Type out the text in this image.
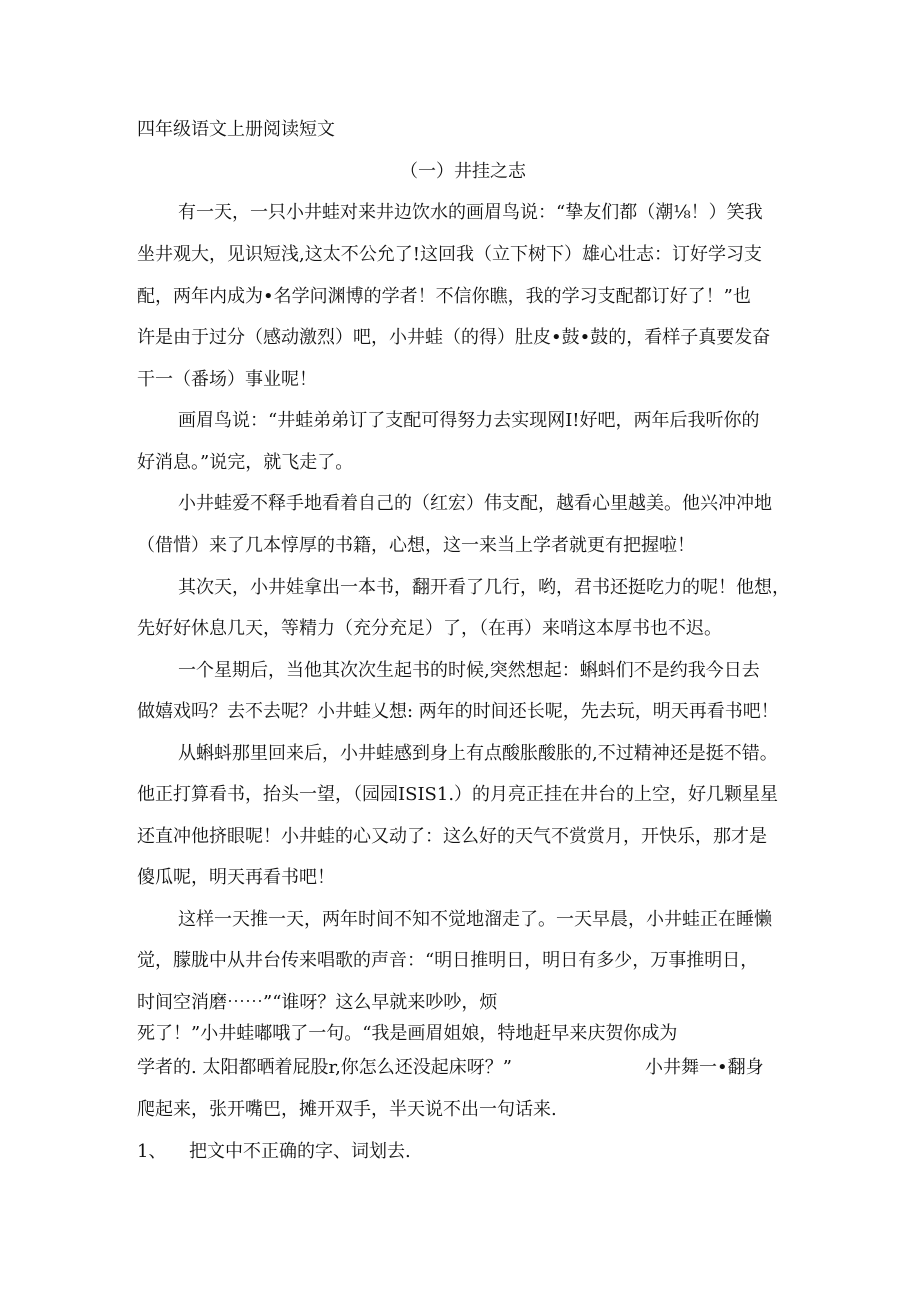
四年级语文上册阅读短文
（一）井挂之志
有一天，一只小井蛙对来井边饮水的画眉鸟说：“挚友们都（潮⅛！）笑我
坐井观大，见识短浅,这太不公允了!这回我（立下树下）雄心壮志：订好学习支
配，两年内成为•名学问渊博的学者！不信你瞧，我的学习支配都订好了！”也
许是由于过分（感动激烈）吧，小井蛙（的得）肚皮•鼓•鼓的，看样子真要发奋
干一（番场）事业呢！
画眉鸟说：“井蛙弟弟订了支配可得努力去实现网I!好吧，两年后我听你的
好消息。”说完，就飞走了。
小井蛙爱不释手地看着自己的（红宏）伟支配，越看心里越美。他兴冲冲地
（借惜）来了几本惇厚的书籍，心想，这一来当上学者就更有把握啦！
其次天，小井娃拿出一本书，翻开看了几行，哟，君书还挺吃力的呢！他想，
先好好休息几天，等精力（充分充足）了，（在再）来哨这本厚书也不迟。
一个星期后，当他其次次生起书的时候,突然想起：蝌蚪们不是约我今日去
做嬉戏吗？去不去呢？小井蛙乂想: 两年的时间还长呢，先去玩，明天再看书吧！
从蝌蚪那里回来后，小井蛙感到身上有点酸胀酸胀的,不过精神还是挺不错。
他正打算看书，抬头一望，（园园ISIS1.）的月亮正挂在井台的上空，好几颗星星
还直冲他挤眼呢！小井蛙的心又动了：这么好的天气不赏赏月，开快乐，那才是
傻瓜呢，明天再看书吧！
这样一天推一天，两年时间不知不觉地溜走了。一天早晨，小井蛙正在睡懒
觉，朦胧中从井台传来唱歌的声音：“明日推明日，明日有多少，万事推明日，
时间空消磨⋯⋯”“谁呀？这么早就来吵吵，烦
死了！”小井蛙嘟哦了一句。“我是画眉姐娘，特地赶早来庆贺你成为
学者的. 太阳都晒着屁股r,你怎么还没起床呀？”	小井舞一•翻身
爬起来，张开嘴巴，摊开双手，半天说不出一句话来.
1、 把文中不正确的字、词划去.
